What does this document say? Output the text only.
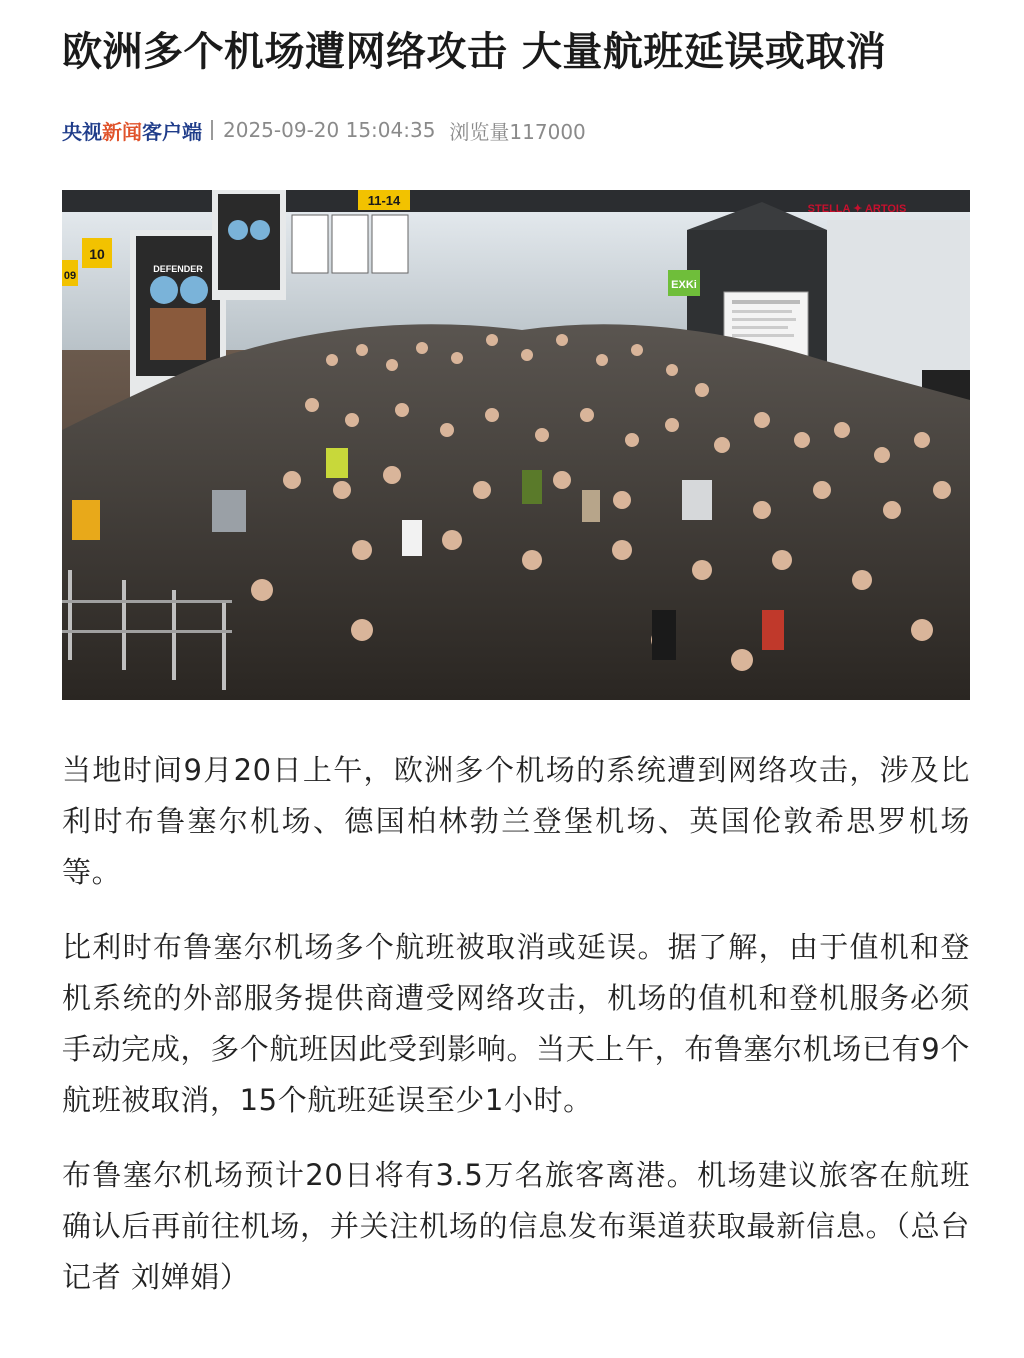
欧洲多个机场遭网络攻击 大量航班延误或取消
央视新闻客户端 2025-09-20 15:04:35 浏览量117000
EXKi
STELLA ✦ ARTOIS
11-14
10
09
DEFENDER

当地时间9月20日上午，欧洲多个机场的系统遭到网络攻击，涉及比利时布鲁塞尔机场、德国柏林勃兰登堡机场、英国伦敦希思罗机场等。

比利时布鲁塞尔机场多个航班被取消或延误。据了解，由于值机和登机系统的外部服务提供商遭受网络攻击，机场的值机和登机服务必须手动完成，多个航班因此受到影响。当天上午，布鲁塞尔机场已有9个航班被取消，15个航班延误至少1小时。

布鲁塞尔机场预计20日将有3.5万名旅客离港。机场建议旅客在航班确认后再前往机场，并关注机场的信息发布渠道获取最新信息。（总台记者 刘婵娟）
